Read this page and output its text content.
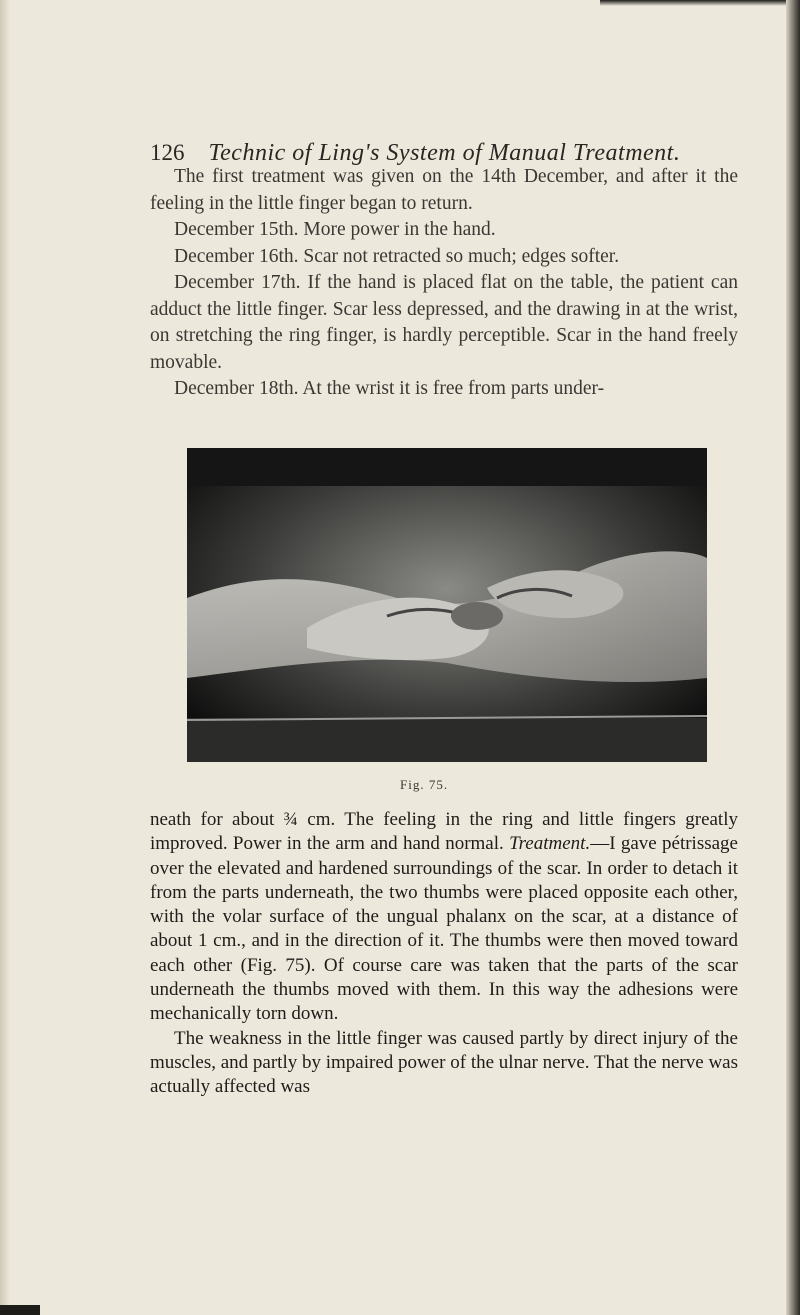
126 Technic of Ling's System of Manual Treatment.

The first treatment was given on the 14th December, and after it the feeling in the little finger began to return.

December 15th. More power in the hand.

December 16th. Scar not retracted so much; edges softer.

December 17th. If the hand is placed flat on the table, the patient can adduct the little finger. Scar less depressed, and the drawing in at the wrist, on stretching the ring finger, is hardly perceptible. Scar in the hand freely movable.

December 18th. At the wrist it is free from parts under-

Fig. 75.

neath for about ¾ cm. The feeling in the ring and little fingers greatly improved. Power in the arm and hand normal. Treatment.—I gave pétrissage over the elevated and hardened surroundings of the scar. In order to detach it from the parts underneath, the two thumbs were placed opposite each other, with the volar surface of the ungual phalanx on the scar, at a distance of about 1 cm., and in the direction of it. The thumbs were then moved toward each other (Fig. 75). Of course care was taken that the parts of the scar underneath the thumbs moved with them. In this way the adhesions were mechanically torn down.

The weakness in the little finger was caused partly by direct injury of the muscles, and partly by impaired power of the ulnar nerve. That the nerve was actually affected was
